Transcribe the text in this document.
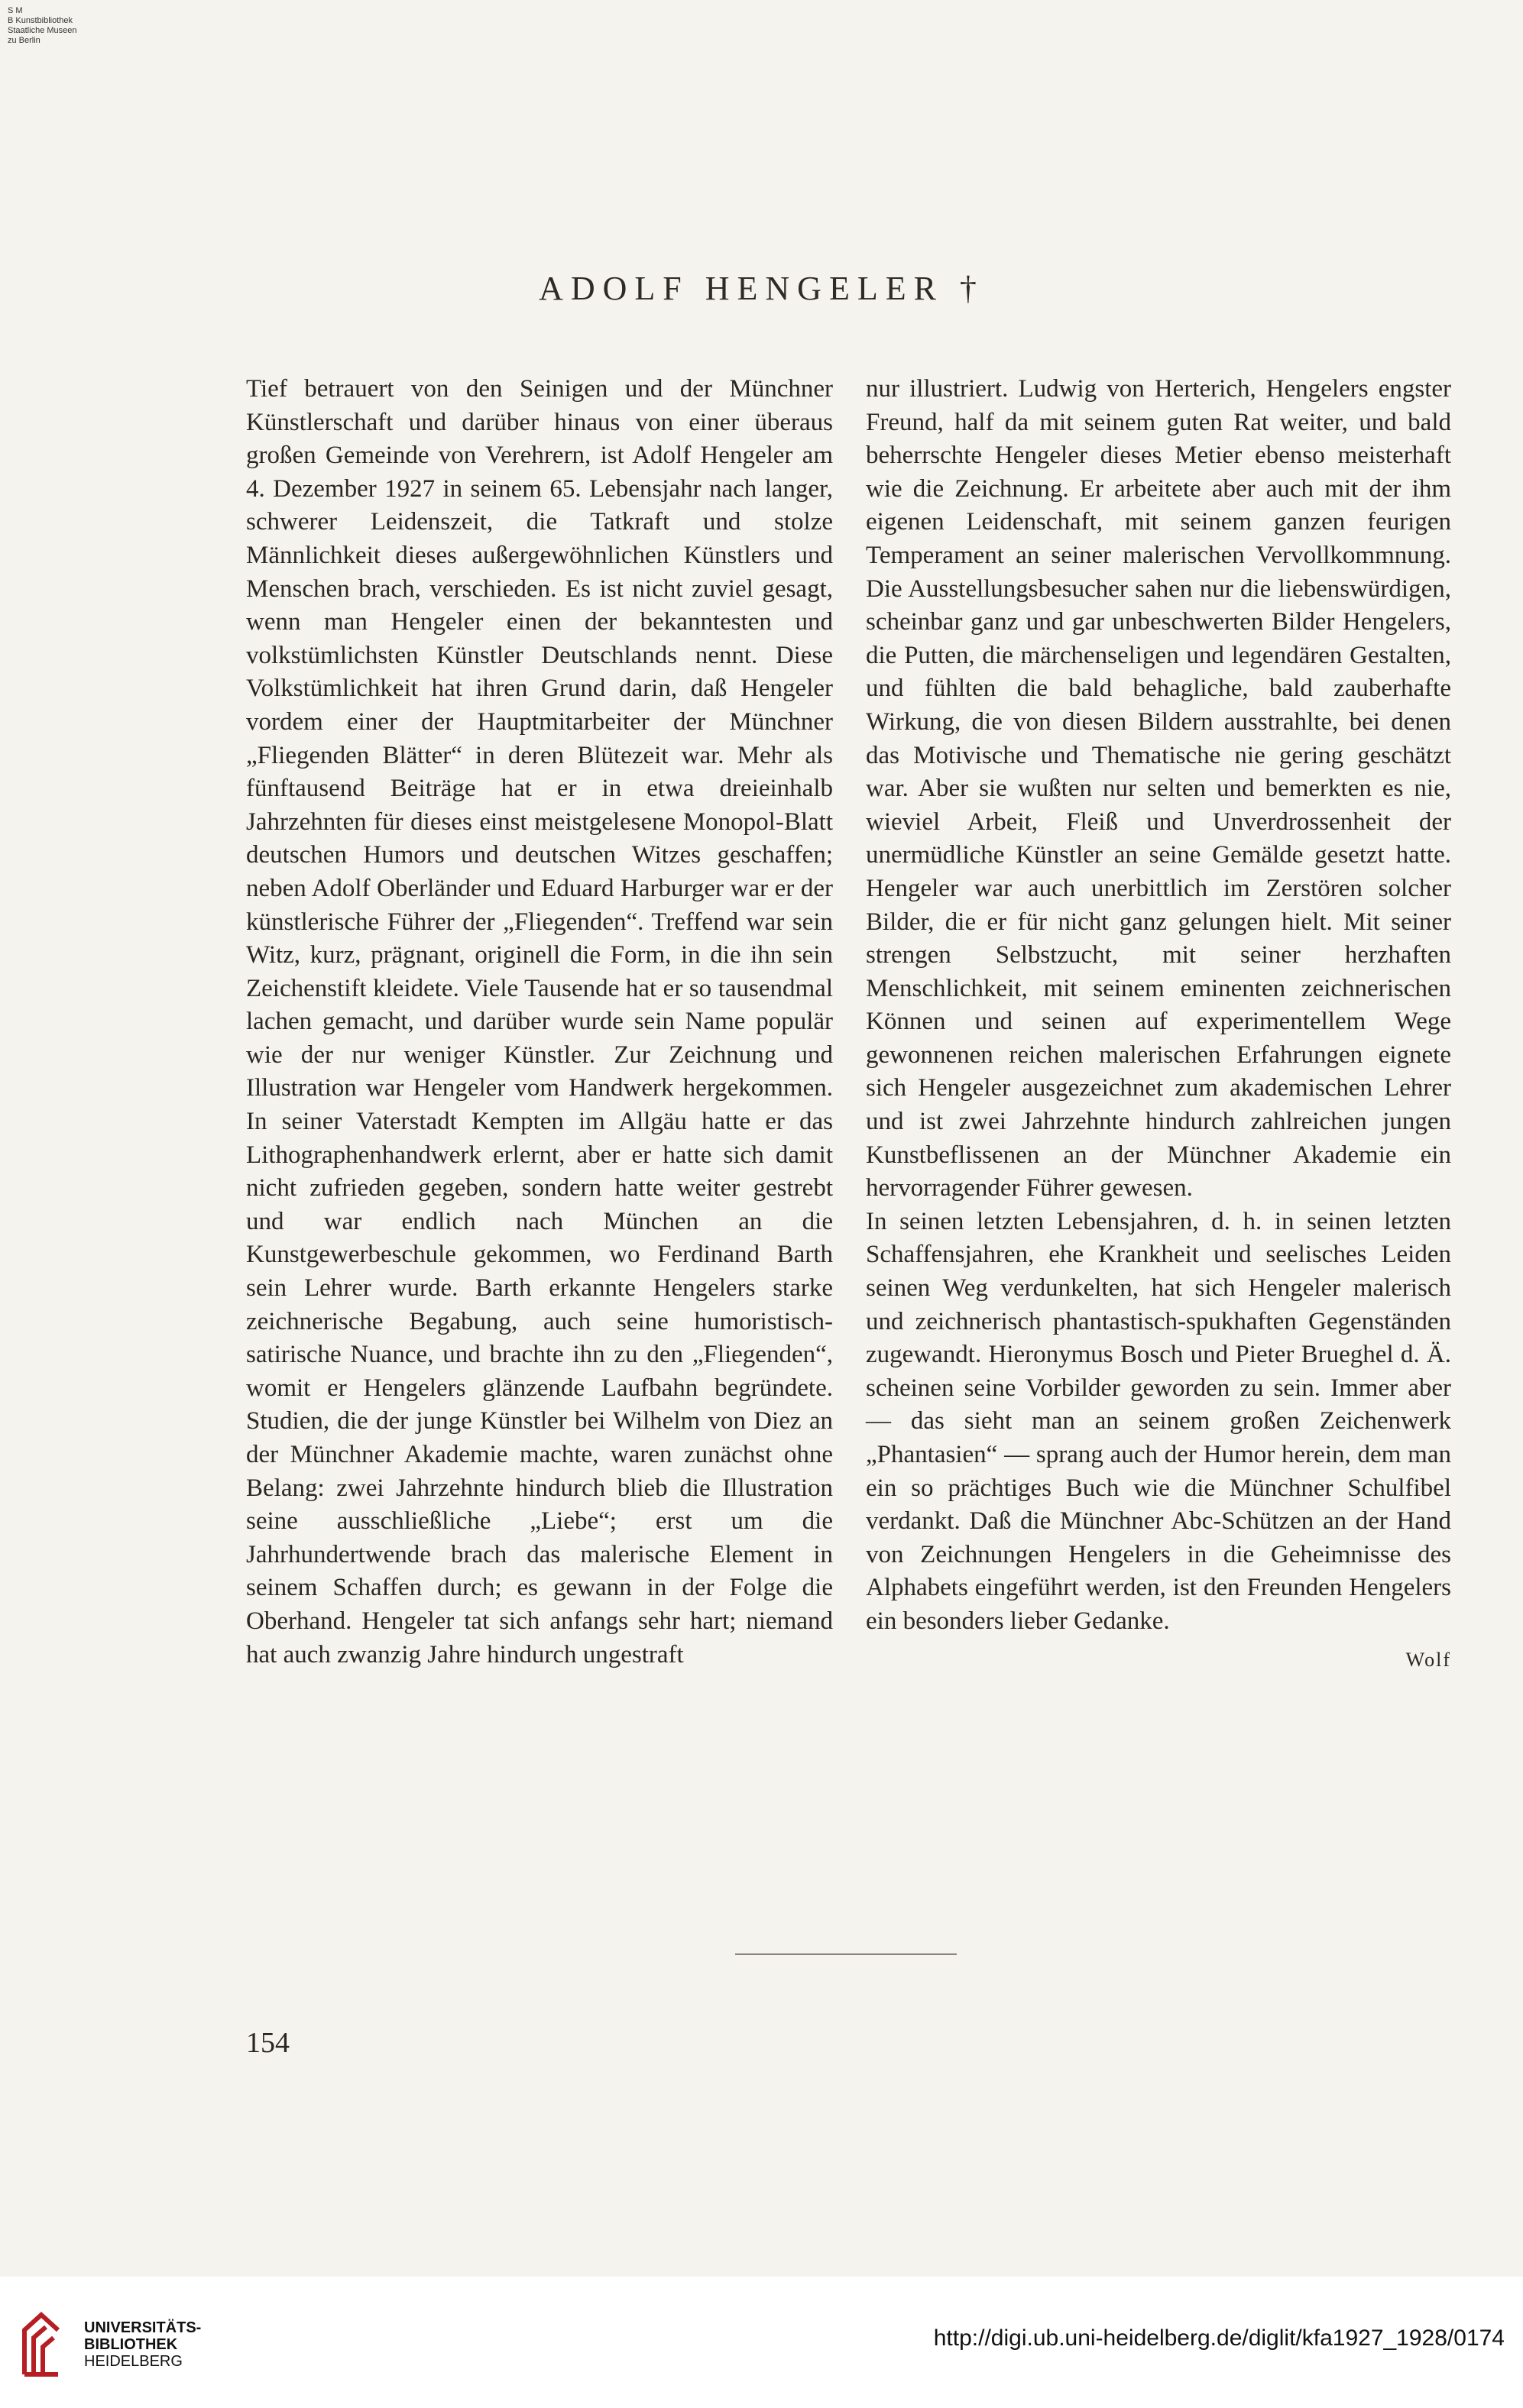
S M
B Kunstbibliothek
Staatliche Museen
zu Berlin
ADOLF HENGELER †

Tief betrauert von den Seinigen und der Münchner Künstlerschaft und darüber hinaus von einer überaus großen Gemeinde von Verehrern, ist Adolf Hengeler am 4. Dezember 1927 in seinem 65. Lebensjahr nach langer, schwerer Leidenszeit, die Tatkraft und stolze Männlichkeit dieses außergewöhnlichen Künstlers und Menschen brach, verschieden. Es ist nicht zuviel gesagt, wenn man Hengeler einen der bekanntesten und volkstümlichsten Künstler Deutschlands nennt. Diese Volkstümlichkeit hat ihren Grund darin, daß Hengeler vordem einer der Hauptmitarbeiter der Münchner „Fliegenden Blätter“ in deren Blütezeit war. Mehr als fünftausend Beiträge hat er in etwa dreieinhalb Jahrzehnten für dieses einst meistgelesene Monopol-Blatt deutschen Humors und deutschen Witzes geschaffen; neben Adolf Oberländer und Eduard Harburger war er der künstlerische Führer der „Fliegenden“. Treffend war sein Witz, kurz, prägnant, originell die Form, in die ihn sein Zeichenstift kleidete. Viele Tausende hat er so tausendmal lachen gemacht, und darüber wurde sein Name populär wie der nur weniger Künstler. Zur Zeichnung und Illustration war Hengeler vom Handwerk hergekommen. In seiner Vaterstadt Kempten im Allgäu hatte er das Lithographenhandwerk erlernt, aber er hatte sich damit nicht zufrieden gegeben, sondern hatte weiter gestrebt und war endlich nach München an die Kunstgewerbeschule gekommen, wo Ferdinand Barth sein Lehrer wurde. Barth erkannte Hengelers starke zeichnerische Begabung, auch seine humoristisch-satirische Nuance, und brachte ihn zu den „Fliegenden“, womit er Hengelers glänzende Laufbahn begründete. Studien, die der junge Künstler bei Wilhelm von Diez an der Münchner Akademie machte, waren zunächst ohne Belang: zwei Jahrzehnte hindurch blieb die Illustration seine ausschließliche „Liebe“; erst um die Jahrhundertwende brach das malerische Element in seinem Schaffen durch; es gewann in der Folge die Oberhand. Hengeler tat sich anfangs sehr hart; niemand hat auch zwanzig Jahre hindurch ungestraft

nur illustriert. Ludwig von Herterich, Hengelers engster Freund, half da mit seinem guten Rat weiter, und bald beherrschte Hengeler dieses Metier ebenso meisterhaft wie die Zeichnung. Er arbeitete aber auch mit der ihm eigenen Leidenschaft, mit seinem ganzen feurigen Temperament an seiner malerischen Vervollkommnung. Die Ausstellungsbesucher sahen nur die liebenswürdigen, scheinbar ganz und gar unbeschwerten Bilder Hengelers, die Putten, die märchenseligen und legendären Gestalten, und fühlten die bald behagliche, bald zauberhafte Wirkung, die von diesen Bildern ausstrahlte, bei denen das Motivische und Thematische nie gering geschätzt war. Aber sie wußten nur selten und bemerkten es nie, wieviel Arbeit, Fleiß und Unverdrossenheit der unermüdliche Künstler an seine Gemälde gesetzt hatte. Hengeler war auch unerbittlich im Zerstören solcher Bilder, die er für nicht ganz gelungen hielt. Mit seiner strengen Selbstzucht, mit seiner herzhaften Menschlichkeit, mit seinem eminenten zeichnerischen Können und seinen auf experimentellem Wege gewonnenen reichen malerischen Erfahrungen eignete sich Hengeler ausgezeichnet zum akademischen Lehrer und ist zwei Jahrzehnte hindurch zahlreichen jungen Kunstbeflissenen an der Münchner Akademie ein hervorragender Führer gewesen.

In seinen letzten Lebensjahren, d. h. in seinen letzten Schaffensjahren, ehe Krankheit und seelisches Leiden seinen Weg verdunkelten, hat sich Hengeler malerisch und zeichnerisch phantastisch-spukhaften Gegenständen zugewandt. Hieronymus Bosch und Pieter Brueghel d. Ä. scheinen seine Vorbilder geworden zu sein. Immer aber — das sieht man an seinem großen Zeichenwerk „Phantasien“ — sprang auch der Humor herein, dem man ein so prächtiges Buch wie die Münchner Schulfibel verdankt. Daß die Münchner Abc-Schützen an der Hand von Zeichnungen Hengelers in die Geheimnisse des Alphabets eingeführt werden, ist den Freunden Hengelers ein besonders lieber Gedanke.

Wolf
154
UNIVERSITÄTS-
BIBLIOTHEK
HEIDELBERG
http://digi.ub.uni-heidelberg.de/diglit/kfa1927_1928/0174
